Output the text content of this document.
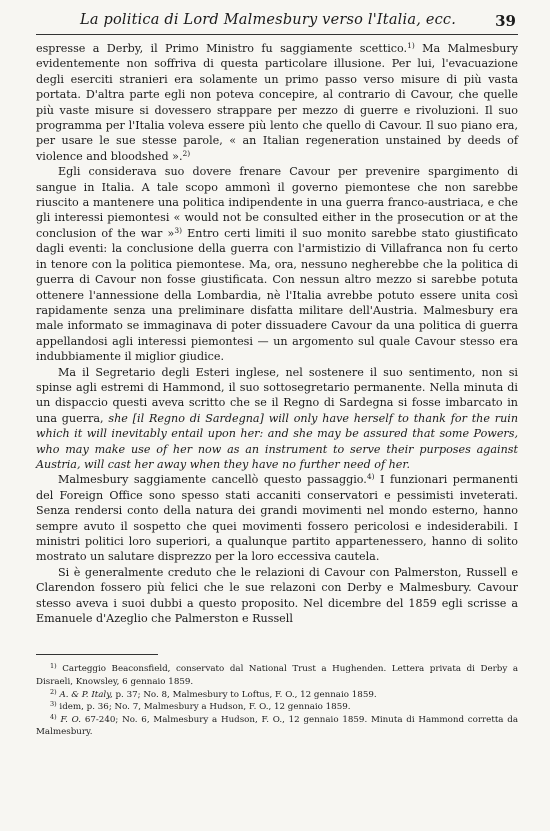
La politica di Lord Malmesbury verso l'Italia, ecc.	39

espresse a Derby, il Primo Ministro fu saggiamente scettico.$^{1)}$ Ma Malmesbury evidentemente non soffriva di questa particolare illusione. Per lui, l'evacuazione degli eserciti stranieri era solamente un primo passo verso misure di più vasta portata. D'altra parte egli non poteva concepire, al contrario di Cavour, che quelle più vaste misure si dovessero strappare per mezzo di guerre e rivoluzioni. Il suo programma per l'Italia voleva essere più lento che quello di Cavour. Il suo piano era, per usare le sue stesse parole, « an Italian regeneration unstained by deeds of violence and bloodshed ».$^{2)}$

Egli considerava suo dovere frenare Cavour per prevenire spargimento di sangue in Italia. A tale scopo ammonì il governo piemontese che non sarebbe riuscito a mantenere una politica indipendente in una guerra franco-austriaca, e che gli interessi piemontesi « would not be consulted either in the prosecution or at the conclusion of the war »$^{3)}$ Entro certi limiti il suo monito sarebbe stato giustificato dagli eventi: la conclusione della guerra con l'armistizio di Villafranca non fu certo in tenore con la politica piemontese. Ma, ora, nessuno negherebbe che la politica di guerra di Cavour non fosse giustificata. Con nessun altro mezzo si sarebbe potuta ottenere l'annessione della Lombardia, nè l'Italia avrebbe potuto essere unita così rapidamente senza una preliminare disfatta militare dell'Austria. Malmesbury era male informato se immaginava di poter dissuadere Cavour da una politica di guerra appellandosi agli interessi piemontesi — un argomento sul quale Cavour stesso era indubbiamente il miglior giudice.

Ma il Segretario degli Esteri inglese, nel sostenere il suo sentimento, non si spinse agli estremi di Hammond, il suo sottosegretario permanente. Nella minuta di un dispaccio questi aveva scritto che se il Regno di Sardegna si fosse imbarcato in una guerra, she [il Regno di Sardegna] will only have herself to thank for the ruin which it will inevitably entail upon her: and she may be assured that some Powers, who may make use of her now as an instrument to serve their purposes against Austria, will cast her away when they have no further need of her.

Malmesbury saggiamente cancellò questo passaggio.$^{4)}$ I funzionari permanenti del Foreign Office sono spesso stati accaniti conservatori e pessimisti inveterati. Senza rendersi conto della natura dei grandi movimenti nel mondo esterno, hanno sempre avuto il sospetto che quei movimenti fossero pericolosi e indesiderabili. I ministri politici loro superiori, a qualunque partito appartenessero, hanno di solito mostrato un salutare disprezzo per la loro eccessiva cautela.

Si è generalmente creduto che le relazioni di Cavour con Palmerston, Russell e Clarendon fossero più felici che le sue relazoni con Derby e Malmesbury. Cavour stesso aveva i suoi dubbi a questo proposito. Nel dicembre del 1859 egli scrisse a Emanuele d'Azeglio che Palmerston e Russell

$^{1)}$ Carteggio Beaconsfield, conservato dal National Trust a Hughenden. Lettera privata di Derby a Disraeli, Knowsley, 6 gennaio 1859.

$^{2)}$ A. & P. Italy, p. 37; No. 8, Malmesbury to Loftus, F. O., 12 gennaio 1859.

$^{3)}$ idem, p. 36; No. 7, Malmesbury a Hudson, F. O., 12 gennaio 1859.

$^{4)}$ F. O. 67-240; No. 6, Malmesbury a Hudson, F. O., 12 gennaio 1859. Minuta di Hammond corretta da Malmesbury.
